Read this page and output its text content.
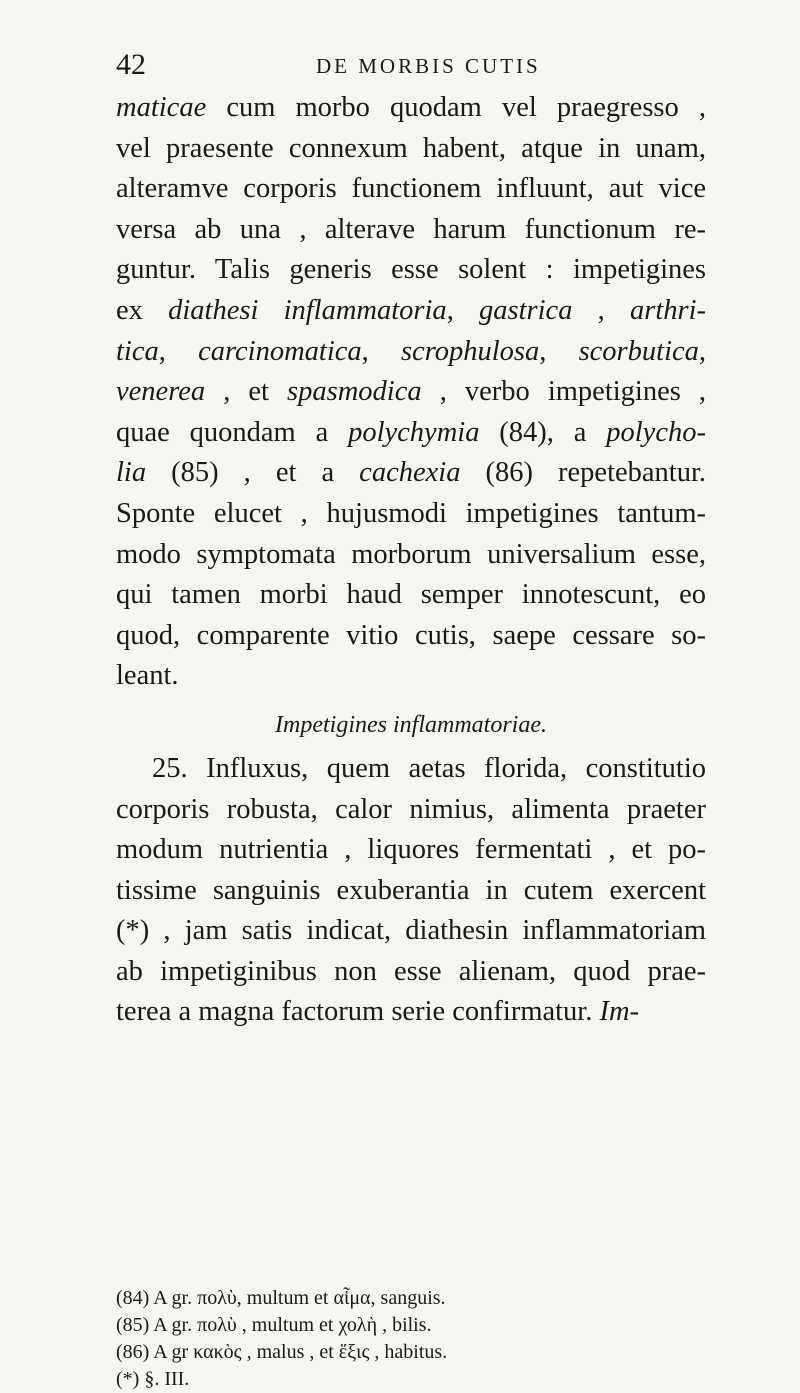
42	DE MORBIS CUTIS
maticae cum morbo quodam vel praegresso ,
vel praesente connexum habent, atque in unam,
alteramve corporis functionem influunt, aut vice
versa ab una , alterave harum functionum re-
guntur. Talis generis esse solent : impetigines
ex diathesi inflammatoria, gastrica , arthri-
tica, carcinomatica, scrophulosa, scorbutica,
venerea , et spasmodica , verbo impetigines ,
quae quondam a polychymia (84), a polycho-
lia (85) , et a cachexia (86) repetebantur.
Sponte elucet , hujusmodi impetigines tantum-
modo symptomata morborum universalium esse,
qui tamen morbi haud semper innotescunt, eo
quod, comparente vitio cutis, saepe cessare so-
leant.
Impetigines inflammatoriae.
25. Influxus, quem aetas florida, constitutio
corporis robusta, calor nimius, alimenta praeter
modum nutrientia , liquores fermentati , et po-
tissime sanguinis exuberantia in cutem exercent
(*) , jam satis indicat, diathesin inflammatoriam
ab impetiginibus non esse alienam, quod prae-
terea a magna factorum serie confirmatur. Im-
(84) A gr. πολὺ, multum et αἷμα, sanguis.
(85) A gr. πολὺ , multum et χολὴ , bilis.
(86) A gr κακὸς , malus , et ἕξις , habitus.
(*) §. III.
